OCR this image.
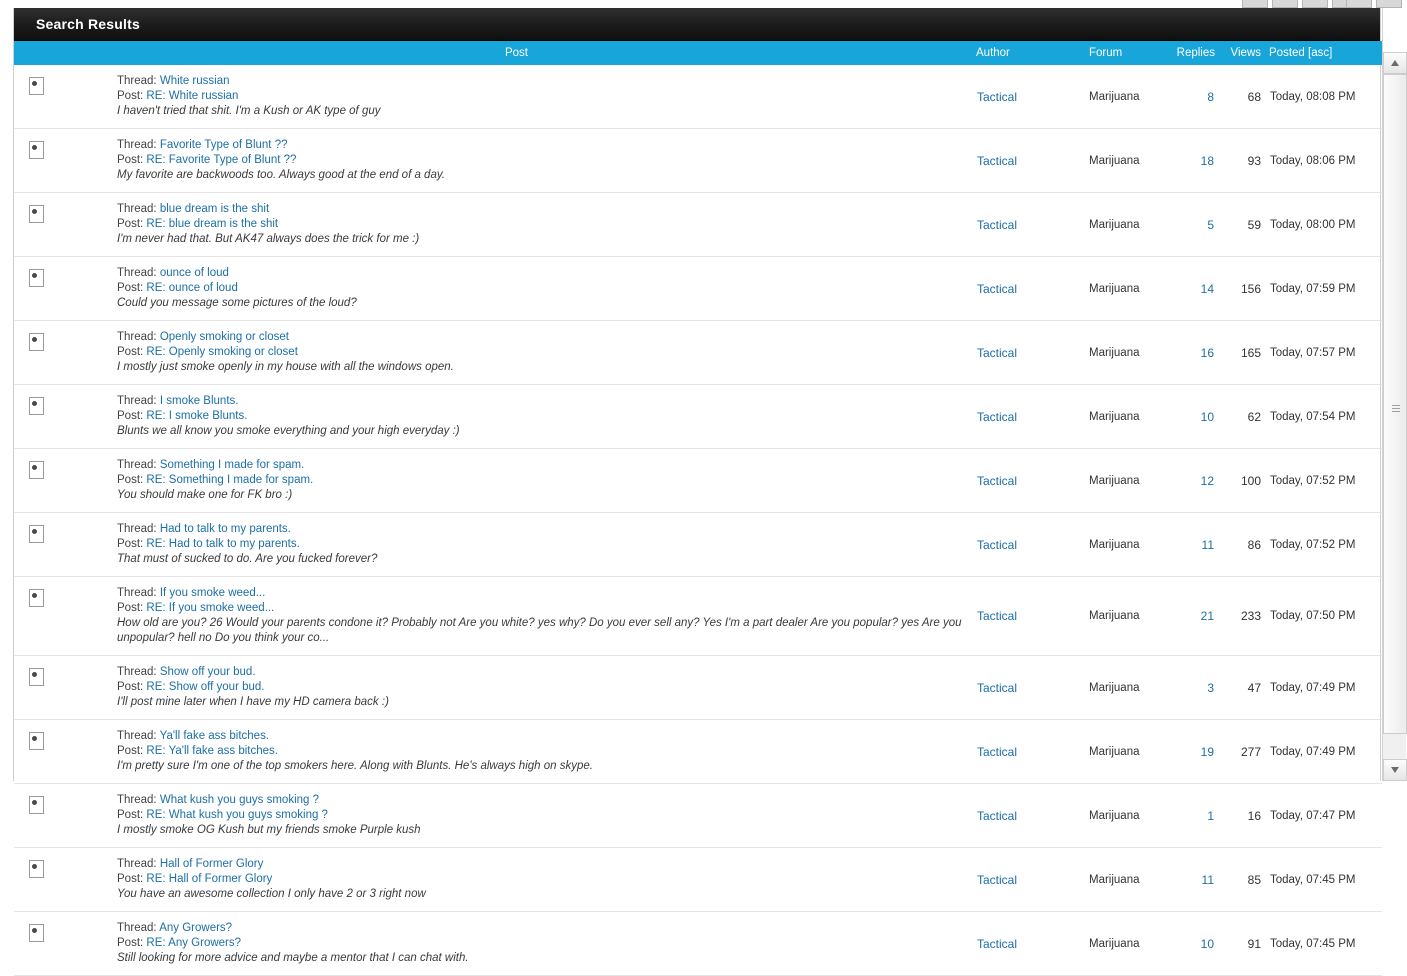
Search Results
	Post	Author	Forum	Replies	Views	Posted [asc]

	Thread: White russian
Post: RE: White russian
I haven't tried that shit. I'm a Kush or AK type of guy	Tactical	Marijuana	8	68	Today, 08:08 PM

	Thread: Favorite Type of Blunt ??
Post: RE: Favorite Type of Blunt ??
My favorite are backwoods too. Always good at the end of a day.	Tactical	Marijuana	18	93	Today, 08:06 PM

	Thread: blue dream is the shit
Post: RE: blue dream is the shit
I'm never had that. But AK47 always does the trick for me :)	Tactical	Marijuana	5	59	Today, 08:00 PM

	Thread: ounce of loud
Post: RE: ounce of loud
Could you message some pictures of the loud?	Tactical	Marijuana	14	156	Today, 07:59 PM

	Thread: Openly smoking or closet
Post: RE: Openly smoking or closet
I mostly just smoke openly in my house with all the windows open.	Tactical	Marijuana	16	165	Today, 07:57 PM

	Thread: I smoke Blunts.
Post: RE: I smoke Blunts.
Blunts we all know you smoke everything and your high everyday :)	Tactical	Marijuana	10	62	Today, 07:54 PM

	Thread: Something I made for spam.
Post: RE: Something I made for spam.
You should make one for FK bro :)	Tactical	Marijuana	12	100	Today, 07:52 PM

	Thread: Had to talk to my parents.
Post: RE: Had to talk to my parents.
That must of sucked to do. Are you fucked forever?	Tactical	Marijuana	11	86	Today, 07:52 PM

	Thread: If you smoke weed...
Post: RE: If you smoke weed...
How old are you? 26 Would your parents condone it? Probably not Are you white? yes why? Do you ever sell any? Yes I'm a part dealer Are you popular? yes Are you unpopular? hell no Do you think your co...	Tactical	Marijuana	21	233	Today, 07:50 PM

	Thread: Show off your bud.
Post: RE: Show off your bud.
I'll post mine later when I have my HD camera back :)	Tactical	Marijuana	3	47	Today, 07:49 PM

	Thread: Ya'll fake ass bitches.
Post: RE: Ya'll fake ass bitches.
I'm pretty sure I'm one of the top smokers here. Along with Blunts. He's always high on skype.	Tactical	Marijuana	19	277	Today, 07:49 PM

	Thread: What kush you guys smoking ?
Post: RE: What kush you guys smoking ?
I mostly smoke OG Kush but my friends smoke Purple kush	Tactical	Marijuana	1	16	Today, 07:47 PM

	Thread: Hall of Former Glory
Post: RE: Hall of Former Glory
You have an awesome collection I only have 2 or 3 right now	Tactical	Marijuana	11	85	Today, 07:45 PM

	Thread: Any Growers?
Post: RE: Any Growers?
Still looking for more advice and maybe a mentor that I can chat with.	Tactical	Marijuana	10	91	Today, 07:45 PM
